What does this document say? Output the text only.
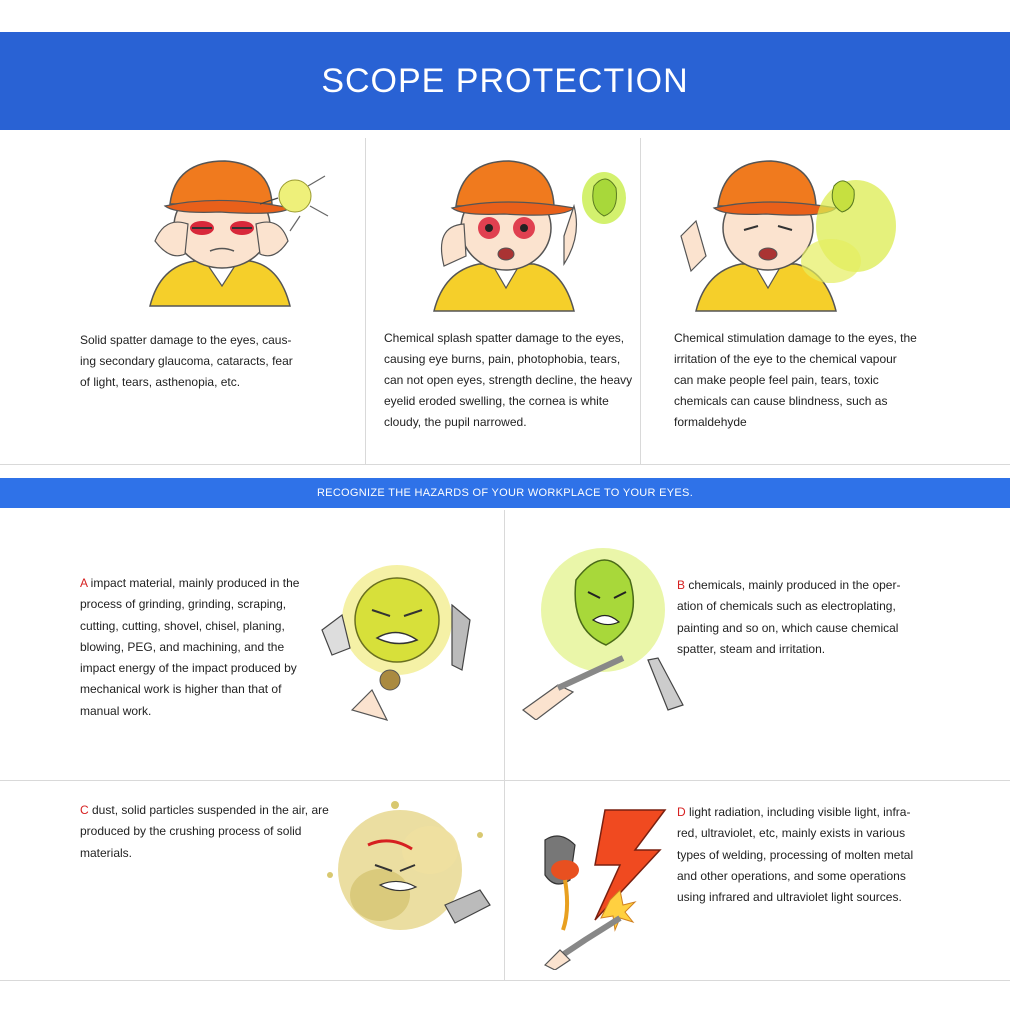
SCOPE PROTECTION
Solid spatter damage to the eyes, caus-ing secondary glaucoma, cataracts, fear of light, tears, asthenopia, etc.
Chemical splash spatter damage to the eyes, causing eye burns, pain, photophobia, tears, can not open eyes, strength decline, the heavy eyelid eroded swelling, the cornea is white cloudy, the pupil narrowed.
Chemical stimulation damage to the eyes, the irritation of the eye to the chemical vapour can make people feel pain, tears, toxic chemicals can cause blindness, such as formaldehyde
RECOGNIZE THE HAZARDS OF YOUR WORKPLACE TO YOUR EYES.
A impact material, mainly produced in the process of grinding, grinding, scraping, cutting, cutting, shovel, chisel, planing, blowing, PEG, and machining, and the impact energy of the impact produced by mechanical work is higher than that of manual work.
B chemicals, mainly produced in the oper-ation of chemicals such as electroplating, painting and so on, which cause chemical spatter, steam and irritation.
C dust, solid particles suspended in the air, are produced by the crushing process of solid materials.
D light radiation, including visible light, infra-red, ultraviolet, etc, mainly exists in various types of welding, processing of molten metal and other operations, and some operations using infrared and ultraviolet light sources.
